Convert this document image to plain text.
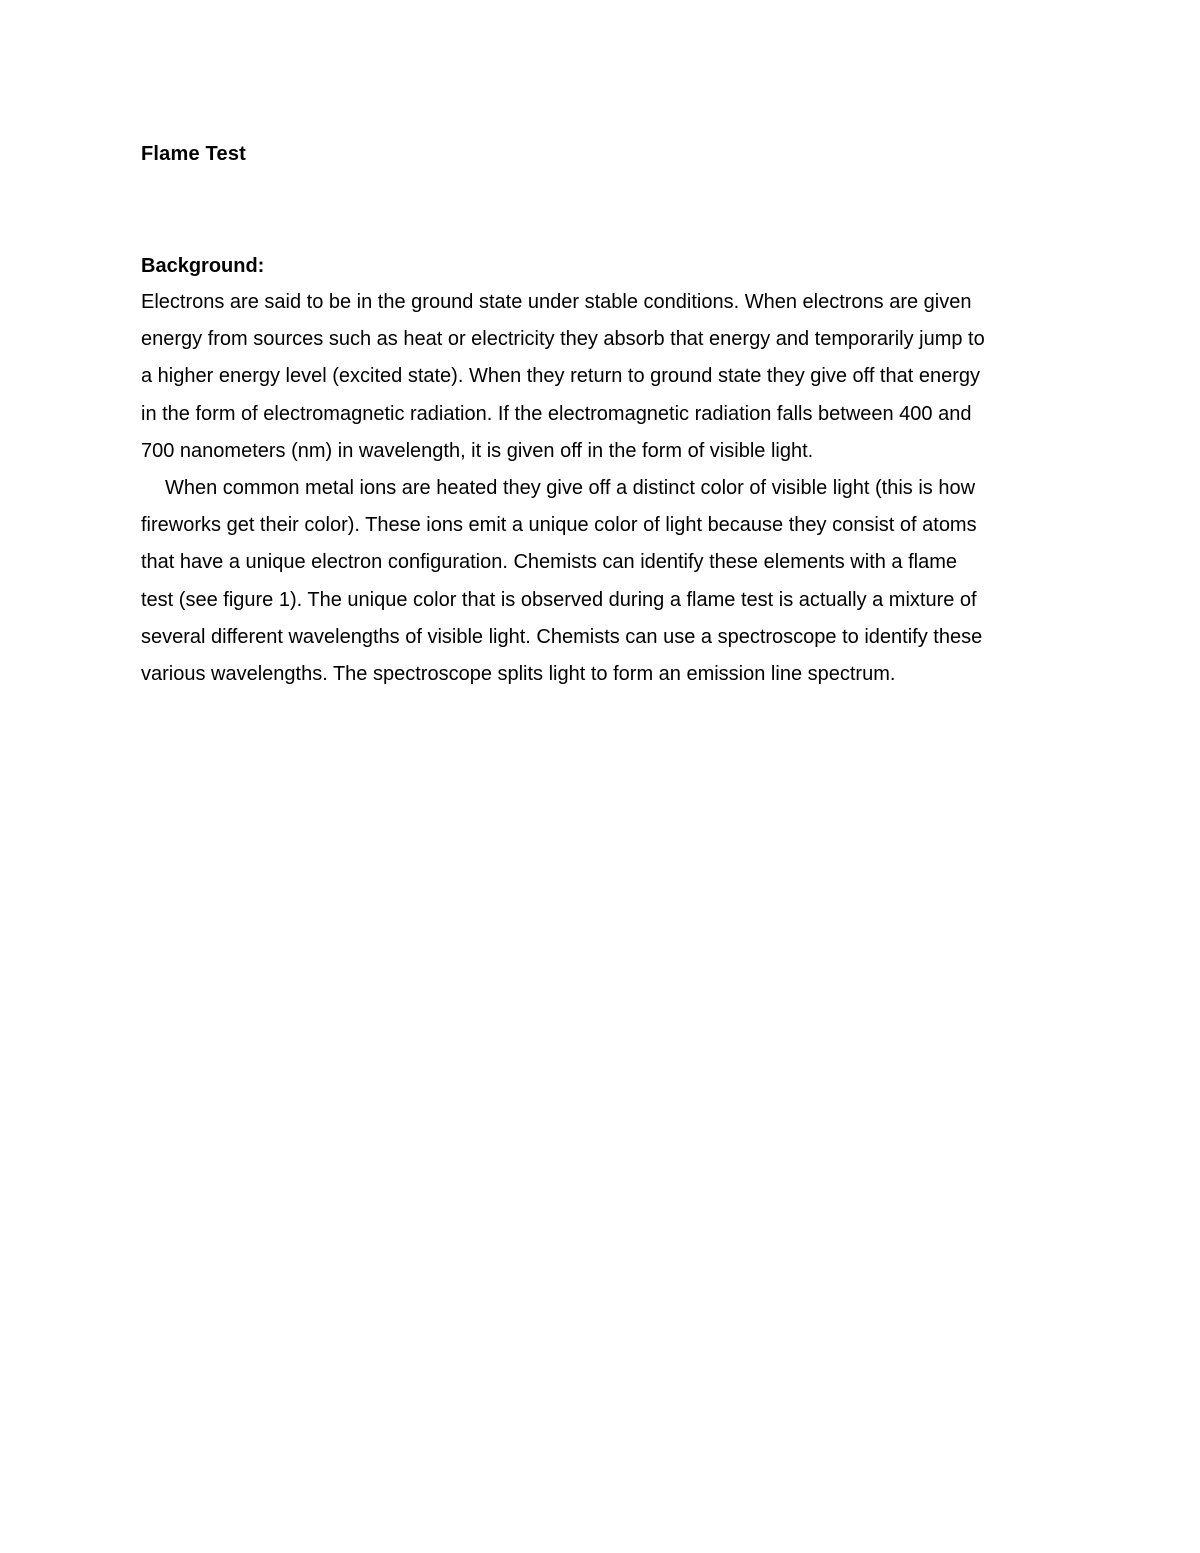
Flame Test
Background:
Electrons are said to be in the ground state under stable conditions. When electrons are given
energy from sources such as heat or electricity they absorb that energy and temporarily jump to
a higher energy level (excited state). When they return to ground state they give off that energy
in the form of electromagnetic radiation. If the electromagnetic radiation falls between 400 and
700 nanometers (nm) in wavelength, it is given off in the form of visible light.
When common metal ions are heated they give off a distinct color of visible light (this is how
fireworks get their color). These ions emit a unique color of light because they consist of atoms
that have a unique electron configuration. Chemists can identify these elements with a flame
test (see figure 1). The unique color that is observed during a flame test is actually a mixture of
several different wavelengths of visible light. Chemists can use a spectroscope to identify these
various wavelengths. The spectroscope splits light to form an emission line spectrum.
